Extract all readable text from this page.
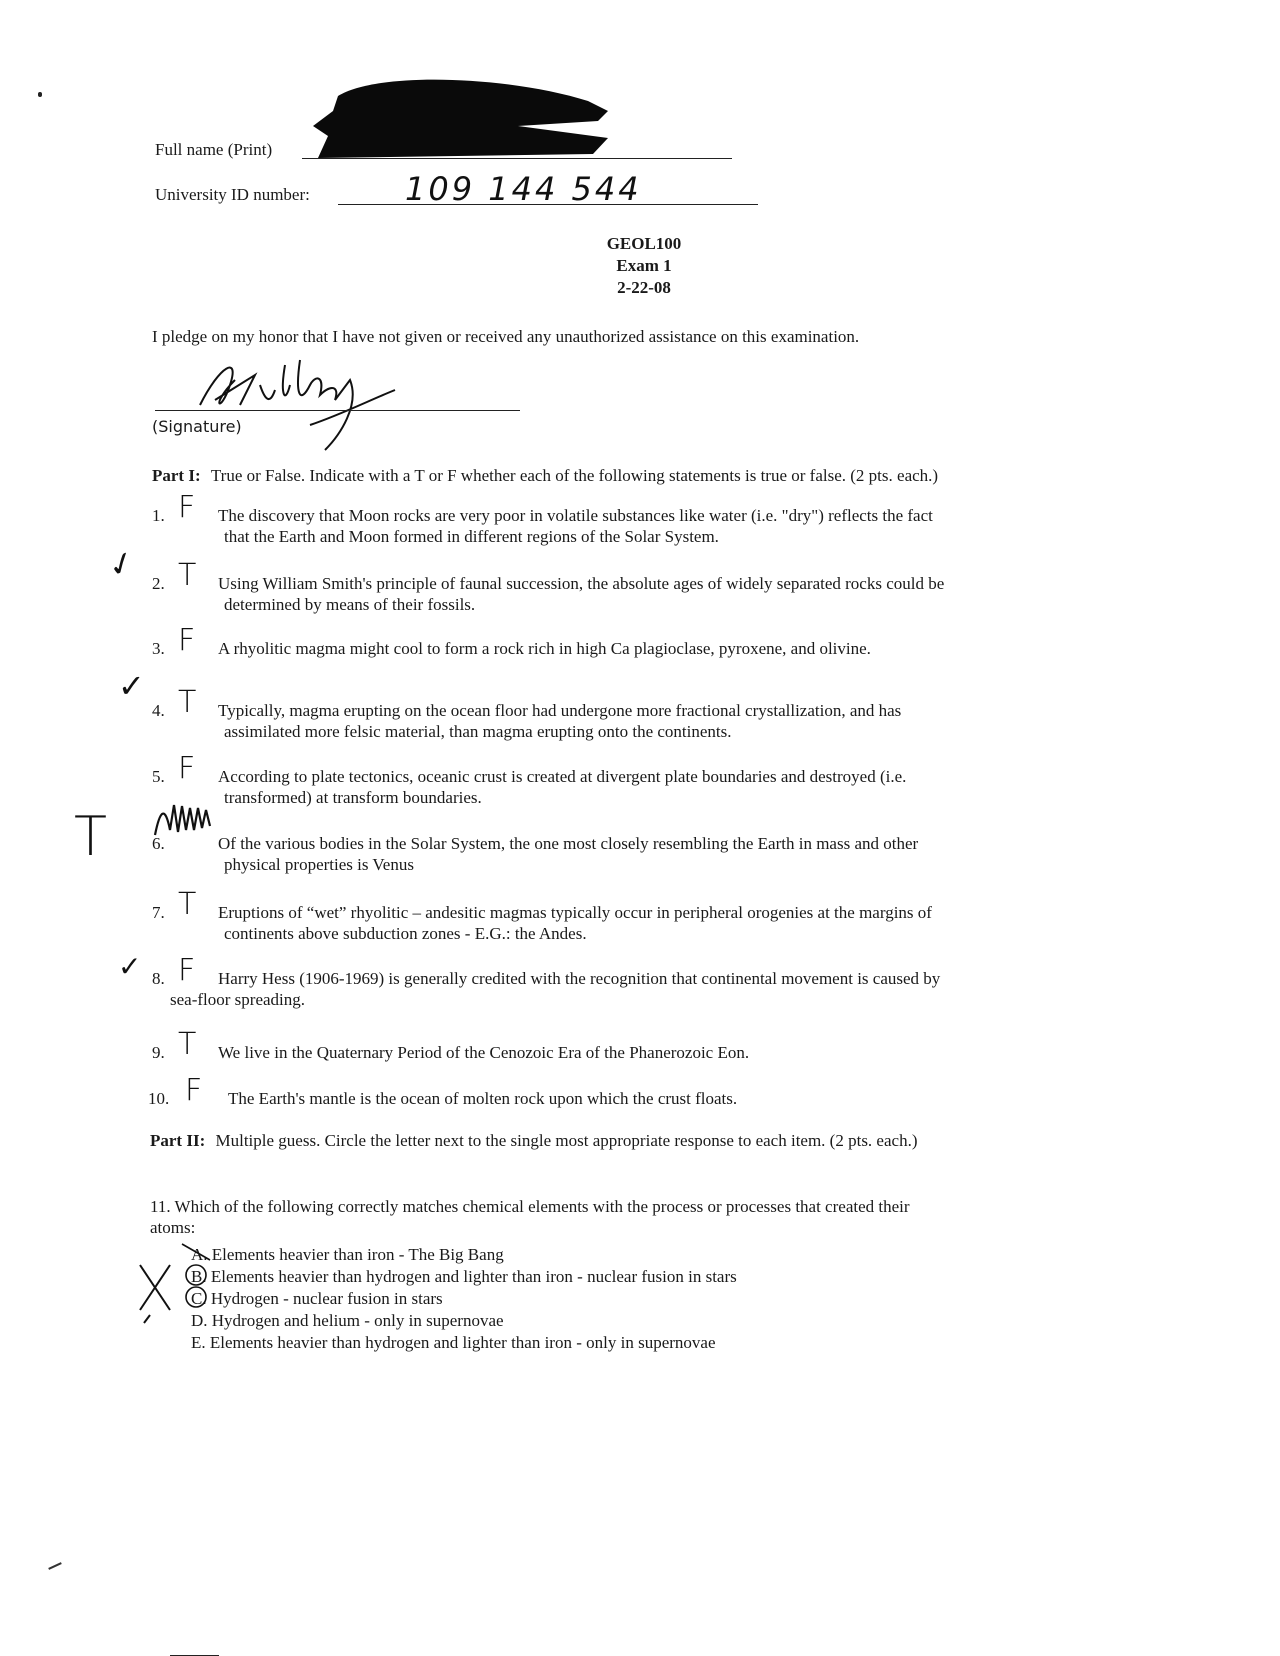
Full name (Print)
University ID number:	109 144 544
GEOL100
Exam 1
2-22-08
I pledge on my honor that I have not given or received any unauthorized assistance on this examination.
(Signature)
Part I: True or False. Indicate with a T or F whether each of the following statements is true or false. (2 pts. each.)
1. F The discovery that Moon rocks are very poor in volatile substances like water (i.e. "dry") reflects the fact
that the Earth and Moon formed in different regions of the Solar System.
2. T Using William Smith's principle of faunal succession, the absolute ages of widely separated rocks could be
determined by means of their fossils.
3. F A rhyolitic magma might cool to form a rock rich in high Ca plagioclase, pyroxene, and olivine.
4. T Typically, magma erupting on the ocean floor had undergone more fractional crystallization, and has
assimilated more felsic material, than magma erupting onto the continents.
5. F According to plate tectonics, oceanic crust is created at divergent plate boundaries and destroyed (i.e.
transformed) at transform boundaries.
6.	Of the various bodies in the Solar System, the one most closely resembling the Earth in mass and other
physical properties is Venus
7. T Eruptions of “wet” rhyolitic – andesitic magmas typically occur in peripheral orogenies at the margins of
continents above subduction zones - E.G.: the Andes.
8. F Harry Hess (1906-1969) is generally credited with the recognition that continental movement is caused by
sea-floor spreading.
9. T We live in the Quaternary Period of the Cenozoic Era of the Phanerozoic Eon.
10. F The Earth's mantle is the ocean of molten rock upon which the crust floats.
✓
✓
✓
T
Part II: Multiple guess. Circle the letter next to the single most appropriate response to each item. (2 pts. each.)
11. Which of the following correctly matches chemical elements with the process or processes that created their
atoms:
A. Elements heavier than iron - The Big Bang
B. Elements heavier than hydrogen and lighter than iron - nuclear fusion in stars
C. Hydrogen - nuclear fusion in stars
D. Hydrogen and helium - only in supernovae
E. Elements heavier than hydrogen and lighter than iron - only in supernovae
